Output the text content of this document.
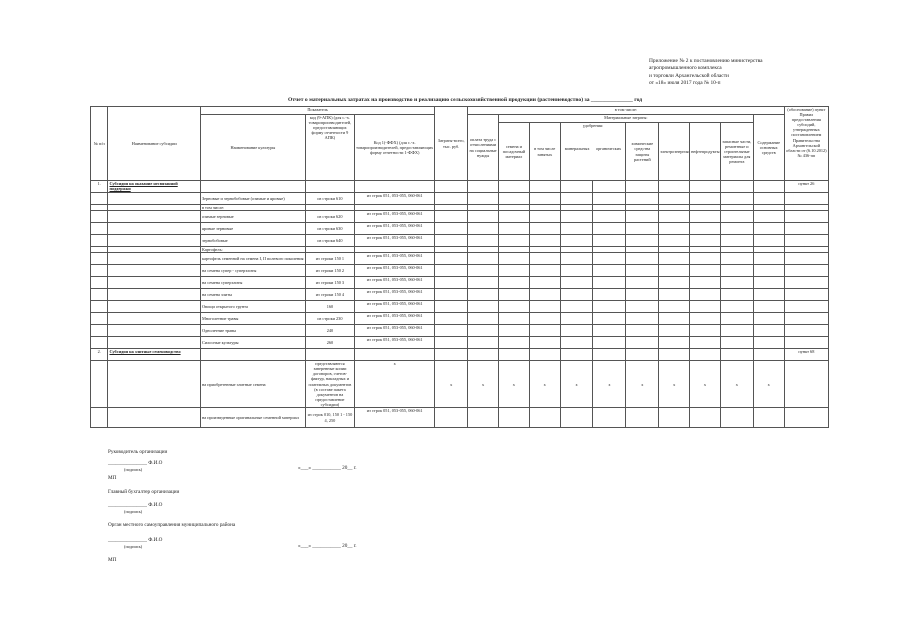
Приложение № 2 к постановлению министерства
агропромышленного комплекса
и торговли Архангельской области
от «18» июля 2017 года № 10-п
Отчет о материальных затратах на производство и реализацию сельскохозяйственной продукции (растениеводство) за _______________ год
№ п/п	Наименование субсидии	Показатель			Затраты-всего, тыс. руб.	в том числе:										(обоснование) пункт Правил предоставления субсидий, утвержденных постановлением Правительства Архангельской области от (6.10.2012) № 436-пп
		Наименование культуры	код (9-АПК) (для с.-х. товаропроизводителей, предоставляющих форму отчетности 9 АПК)	Код 1(-ФФХ) (для с.-х. товаропроизводителей, предоставляющих форму отчетности 1-ФФХ)		оплата труда с отчислениями на социальные нужды	Материальные затраты:								Содержание основных средств	
							семена и посадочный материал	в том числе занятых	удобрения:
минеральных органических		химические средства защиты растений	электроэнергия	нефтепродукты	запасные части, ремонтные и строительные материалы для ремонта		
1.	Субсидия на оказание несвязанной поддержки															пункт 26
		Зерновые и зернобобовые (озимые и яровые)	из строки 610	из строк 051, 053-055, 060-061												
		в том числе:														
		озимые зерновые	из строки 620	из строк 051, 053-055, 060-061												
		яровые зерновые	из строки 630	из строк 051, 053-055, 060-061												
		зернобобовые	из строки 640	из строк 051, 053-055, 060-061												
		Картофель:														
		картофель семенной на семена I, II полевого поколения	из строки 150 1	из строк 051, 053-055, 060-061												
		на семена супер - суперэлиты	из строки 150 2	из строк 051, 053-055, 060-061												
		на семена суперэлиты	из строки 150 3	из строк 051, 053-055, 060-061												
		на семена элиты	из строки 150 4	из строк 051, 053-055, 060-061												
		Овощи открытого грунта	160	из строк 051, 053-055, 060-061												
		Многолетние травы	из строки 230	из строк 051, 053-055, 060-061												
		Однолетние травы	240	из строк 051, 053-055, 060-061												
		Силосные культуры	260	из строк 051, 053-055, 060-061												
2.	Субсидия на элитные семеноводство															пункт 68
		на приобретенные элитные семена	представляются заверенные копии договоров, счетов-фактур, накладных и платежных документов (в составе пакета документов на предоставление субсидии)	х	х	х	х	х	х	х	х	х	х	х	х	
		на произведенные оригинальные семенной материал	из строк 010, 150 1 - 150 4, 250	из строк 051, 053-055, 060-061												
Руководитель организации
_______________ Ф.И.О
(подпись)	«___» ___________ 20__ г.
МП
Главный бухгалтер организации
_______________ Ф.И.О
(подпись)
Орган местного самоуправления муниципального района
_______________ Ф.И.О
(подпись)	«___» ___________ 20__ г.
МП
